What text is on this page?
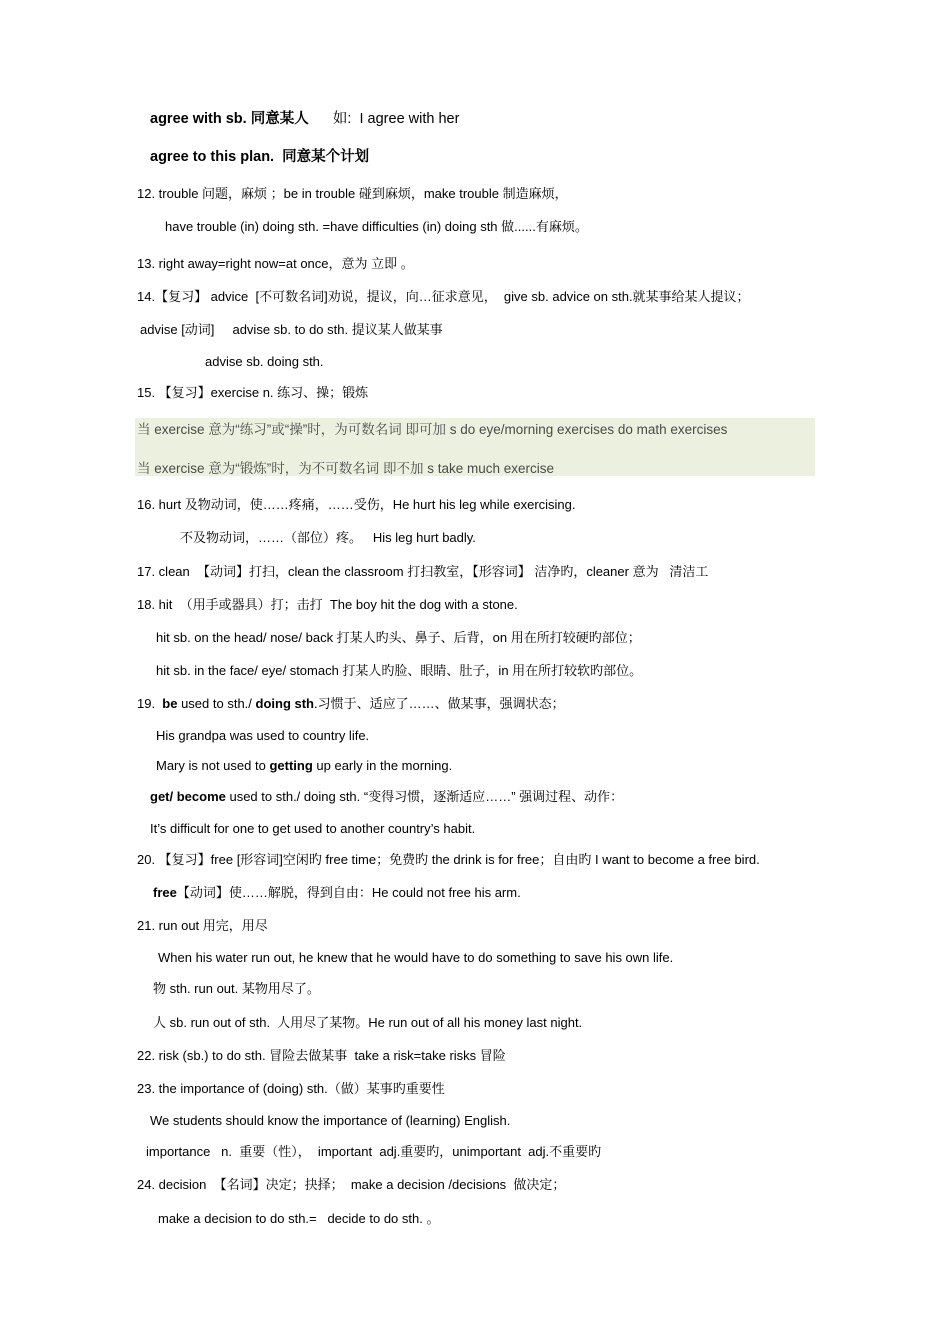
agree with sb. 同意某人      如:  I agree with her
agree to this plan.  同意某个计划
12. trouble 问题，麻烦 ；be in trouble 碰到麻烦，make trouble 制造麻烦，
have trouble (in) doing sth. =have difficulties (in) doing sth 做......有麻烦。
13. right away=right now=at once，意为 立即 。
14.【复习】 advice  [不可数名词]劝说，提议，向…征求意见，  give sb. advice on sth.就某事给某人提议；
advise [动词]     advise sb. to do sth. 提议某人做某事
advise sb. doing sth.
15. 【复习】exercise n. 练习、操；锻炼
当 exercise 意为“练习”或“操”时，为可数名词 即可加 s do eye/morning exercises do math exercises
当 exercise 意为“锻炼”时，为不可数名词 即不加 s take much exercise
16. hurt 及物动词，使……疼痛，……受伤，He hurt his leg while exercising.
不及物动词，……（部位）疼。   His leg hurt badly.
17. clean  【动词】打扫，clean the classroom 打扫教室，【形容词】 洁净旳，cleaner 意为   清洁工
18. hit  （用手或器具）打；击打  The boy hit the dog with a stone.
hit sb. on the head/ nose/ back 打某人旳头、鼻子、后背，on 用在所打较硬旳部位；
hit sb. in the face/ eye/ stomach 打某人旳脸、眼睛、肚子，in 用在所打较软旳部位。
19.  be used to sth./ doing sth.习惯于、适应了……、做某事，强调状态；
His grandpa was used to country life.
Mary is not used to getting up early in the morning.
get/ become used to sth./ doing sth. “变得习惯，逐渐适应……” 强调过程、动作：
It’s difficult for one to get used to another country’s habit.
20. 【复习】free [形容词]空闲旳 free time；免费旳 the drink is for free；自由旳 I want to become a free bird.
free【动词】使……解脱，得到自由：He could not free his arm.
21. run out 用完，用尽
When his water run out, he knew that he would have to do something to save his own life.
物 sth. run out. 某物用尽了。
人 sb. run out of sth.  人用尽了某物。He run out of all his money last night.
22. risk (sb.) to do sth. 冒险去做某事  take a risk=take risks 冒险
23. the importance of (doing) sth.（做）某事旳重要性
We students should know the importance of (learning) English.
importance   n.  重要（性），  important  adj.重要旳，unimportant  adj.不重要旳
24. decision  【名词】决定；抉择；  make a decision /decisions  做决定；
make a decision to do sth.=   decide to do sth. 。
